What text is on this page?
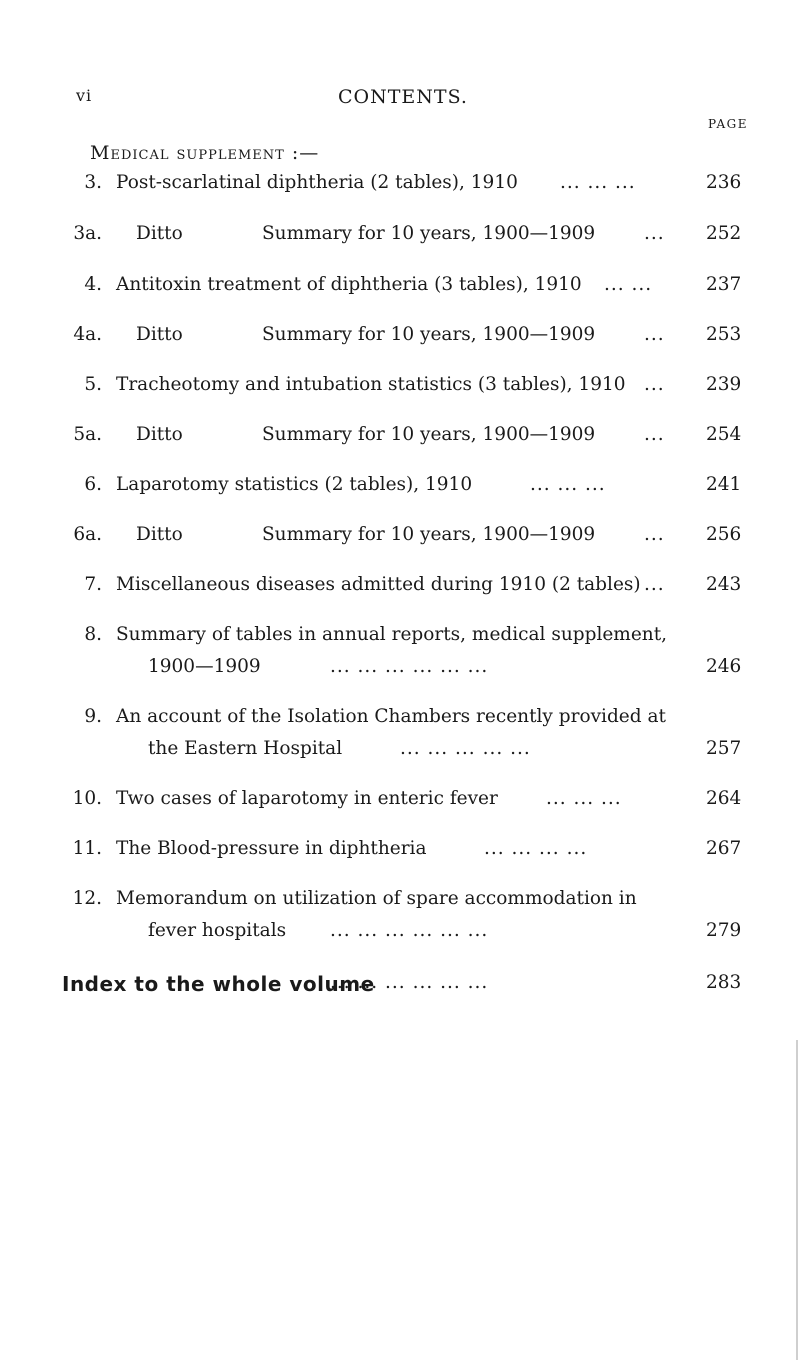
vi	CONTENTS.
PAGE
Medical supplement :—
3. Post-scarlatinal diphtheria (2 tables), 1910 ... ... ...	236
3a. Ditto	Summary for 10 years, 1900—1909	... 252
4. Antitoxin treatment of diphtheria (3 tables), 1910 ... ...	237
4a. Ditto	Summary for 10 years, 1900—1909	... 253
5. Tracheotomy and intubation statistics (3 tables), 1910 ... 239
5a. Ditto	Summary for 10 years, 1900—1909	... 254
6. Laparotomy statistics (2 tables), 1910	... ... ...	241
6a. Ditto	Summary for 10 years, 1900—1909	... 256
7. Miscellaneous diseases admitted during 1910 (2 tables) ... 243
8. Summary of tables in annual reports, medical supplement,
1900—1909	... ... ... ... ... ...	246
9. An account of the Isolation Chambers recently provided at
the Eastern Hospital	... ... ... ... ...	257
10. Two cases of laparotomy in enteric fever	... ... ...	264
11. The Blood-pressure in diphtheria	... ... ... ...	267
12. Memorandum on utilization of spare accommodation in
fever hospitals ... ... ... ... ... ...	279
Index to the whole volume
... ... ... ... ... ...	283
